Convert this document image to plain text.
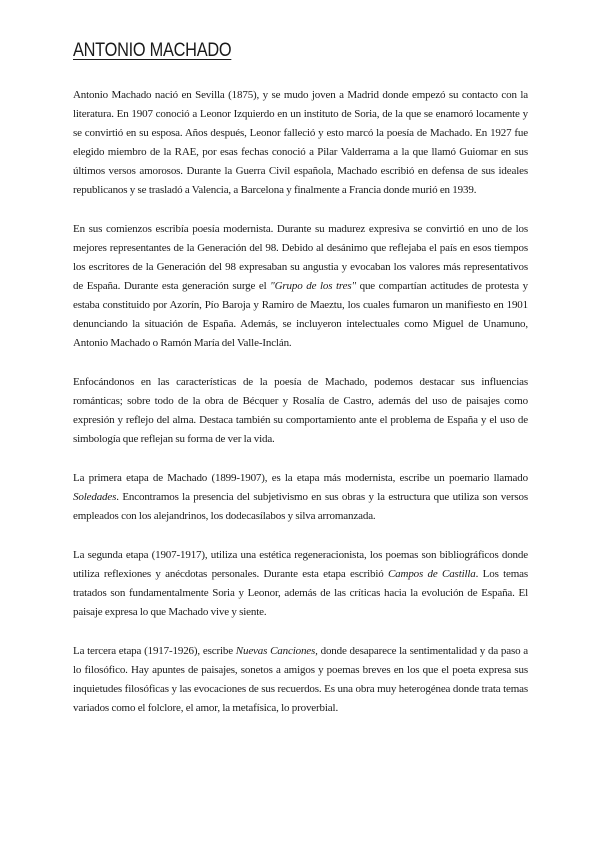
ANTONIO MACHADO

Antonio Machado nació en Sevilla (1875), y se mudo joven a Madrid donde empezó su contacto con la literatura. En 1907 conoció a Leonor Izquierdo en un instituto de Soria, de la que se enamoró locamente y se convirtió en su esposa. Años después, Leonor falleció y esto marcó la poesía de Machado. En 1927 fue elegido miembro de la RAE, por esas fechas conoció a Pilar Valderrama a la que llamó Guiomar en sus últimos versos amorosos. Durante la Guerra Civil española, Machado escribió en defensa de sus ideales republicanos y se trasladó a Valencia, a Barcelona y finalmente a Francia donde murió en 1939.

En sus comienzos escribía poesía modernista. Durante su madurez expresiva se convirtió en uno de los mejores representantes de la Generación del 98. Debido al desánimo que reflejaba el país en esos tiempos los escritores de la Generación del 98 expresaban su angustia y evocaban los valores más representativos de España. Durante esta generación surge el "Grupo de los tres" que compartían actitudes de protesta y estaba constituido por Azorín, Pío Baroja y Ramiro de Maeztu, los cuales fumaron un manifiesto en 1901 denunciando la situación de España. Además, se incluyeron intelectuales como Miguel de Unamuno, Antonio Machado o Ramón María del Valle-Inclán.

Enfocándonos en las características de la poesía de Machado, podemos destacar sus influencias románticas; sobre todo de la obra de Bécquer y Rosalía de Castro, además del uso de paisajes como expresión y reflejo del alma. Destaca también su comportamiento ante el problema de España y el uso de simbología que reflejan su forma de ver la vida.

La primera etapa de Machado (1899-1907), es la etapa más modernista, escribe un poemario llamado Soledades. Encontramos la presencia del subjetivismo en sus obras y la estructura que utiliza son versos empleados con los alejandrinos, los dodecasílabos y silva arromanzada.

La segunda etapa (1907-1917), utiliza una estética regeneracionista, los poemas son bibliográficos donde utiliza reflexiones y anécdotas personales. Durante esta etapa escribió Campos de Castilla. Los temas tratados son fundamentalmente Soria y Leonor, además de las críticas hacia la evolución de España. El paisaje expresa lo que Machado vive y siente.

La tercera etapa (1917-1926), escribe Nuevas Canciones, donde desaparece la sentimentalidad y da paso a lo filosófico. Hay apuntes de paisajes, sonetos a amigos y poemas breves en los que el poeta expresa sus inquietudes filosóficas y las evocaciones de sus recuerdos. Es una obra muy heterogénea donde trata temas variados como el folclore, el amor, la metafísica, lo proverbial.
